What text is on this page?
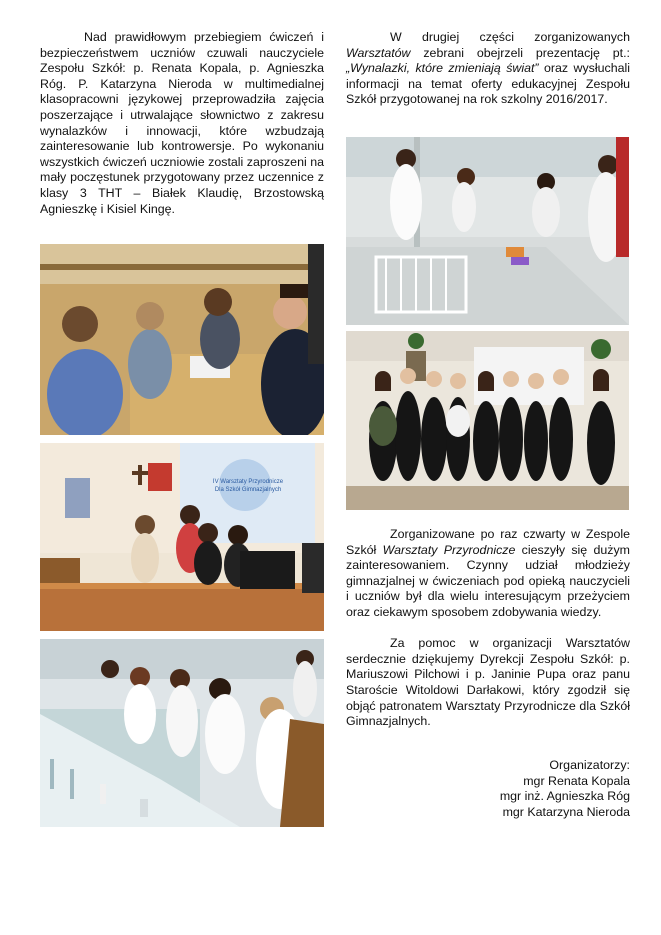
Nad prawidłowym przebiegiem ćwiczeń i bezpieczeństwem uczniów czuwali nauczyciele Zespołu Szkół: p. Renata Kopala, p. Agnieszka Róg. P. Katarzyna Nieroda w multimedialnej klasopracowni językowej przeprowadziła zajęcia poszerzające i utrwalające słownictwo z zakresu wynalazków i innowacji, które wzbudzają zainteresowanie lub kontrowersje. Po wykonaniu wszystkich ćwiczeń uczniowie zostali zaproszeni na mały poczęstunek przygotowany przez uczennice z klasy 3 THT – Białek Klaudię, Brzostowską Agnieszkę i Kisiel Kingę.

W drugiej części zorganizowanych Warsztatów zebrani obejrzeli prezentację pt.: „Wynalazki, które zmieniają świat” oraz wysłuchali informacji na temat oferty edukacyjnej Zespołu Szkół przygotowanej na rok szkolny 2016/2017.

IV Warsztaty Przyrodnicze
Dla Szkół Gimnazjalnych

Zorganizowane po raz czwarty w Zespole Szkół Warsztaty Przyrodnicze cieszyły się dużym zainteresowaniem. Czynny udział młodzieży gimnazjalnej w ćwiczeniach pod opieką nauczycieli i uczniów był dla wielu interesującym przeżyciem oraz ciekawym sposobem zdobywania wiedzy.

Za pomoc w organizacji Warsztatów serdecznie dziękujemy Dyrekcji Zespołu Szkół: p. Mariuszowi Pilchowi i p. Janinie Pupa oraz panu Staroście Witoldowi Darłakowi, który zgodził się objąć patronatem Warsztaty Przyrodnicze dla Szkół Gimnazjalnych.

Organizatorzy:
mgr Renata Kopala
mgr inż. Agnieszka Róg
mgr Katarzyna Nieroda
